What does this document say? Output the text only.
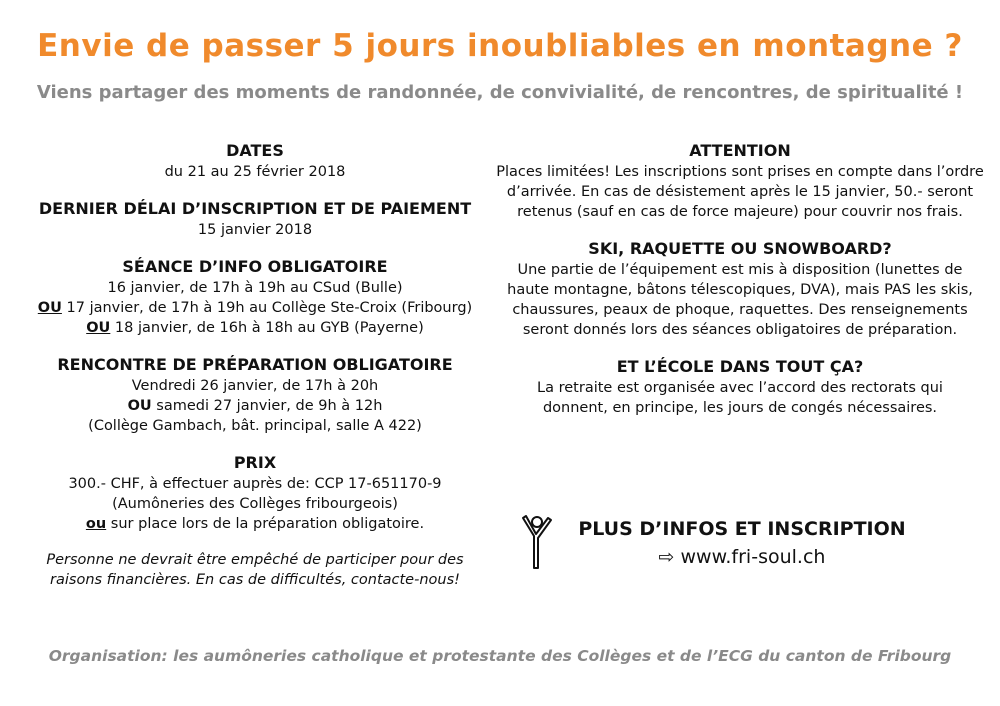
Envie de passer 5 jours inoubliables en montagne ?
Viens partager des moments de randonnée, de convivialité, de rencontres, de spiritualité !
DATES
du 21 au 25 février 2018
DERNIER DÉLAI D’INSCRIPTION ET DE PAIEMENT
15 janvier 2018
SÉANCE D’INFO OBLIGATOIRE
16 janvier, de 17h à 19h au CSud (Bulle)
OU 17 janvier, de 17h à 19h au Collège Ste-Croix (Fribourg)
OU 18 janvier, de 16h à 18h au GYB (Payerne)
RENCONTRE DE PRÉPARATION OBLIGATOIRE
Vendredi 26 janvier, de 17h à 20h
OU samedi 27 janvier, de 9h à 12h
(Collège Gambach, bât. principal, salle A 422)
PRIX
300.- CHF, à effectuer auprès de: CCP 17-651170-9
(Aumôneries des Collèges fribourgeois)
ou sur place lors de la préparation obligatoire.
Personne ne devrait être empêché de participer pour des raisons financières. En cas de difficultés, contacte-nous!
ATTENTION
Places limitées! Les inscriptions sont prises en compte dans l’ordre d’arrivée. En cas de désistement après le 15 janvier, 50.- seront retenus (sauf en cas de force majeure) pour couvrir nos frais.
SKI, RAQUETTE OU SNOWBOARD?
Une partie de l’équipement est mis à disposition (lunettes de haute montagne, bâtons télescopiques, DVA), mais PAS les skis, chaussures, peaux de phoque, raquettes. Des renseignements seront donnés lors des séances obligatoires de préparation.
ET L’ÉCOLE DANS TOUT ÇA?
La retraite est organisée avec l’accord des rectorats qui donnent, en principe, les jours de congés nécessaires.
PLUS D’INFOS ET INSCRIPTION
⇨ www.fri-soul.ch
Organisation: les aumôneries catholique et protestante des Collèges et de l’ECG du canton de Fribourg
